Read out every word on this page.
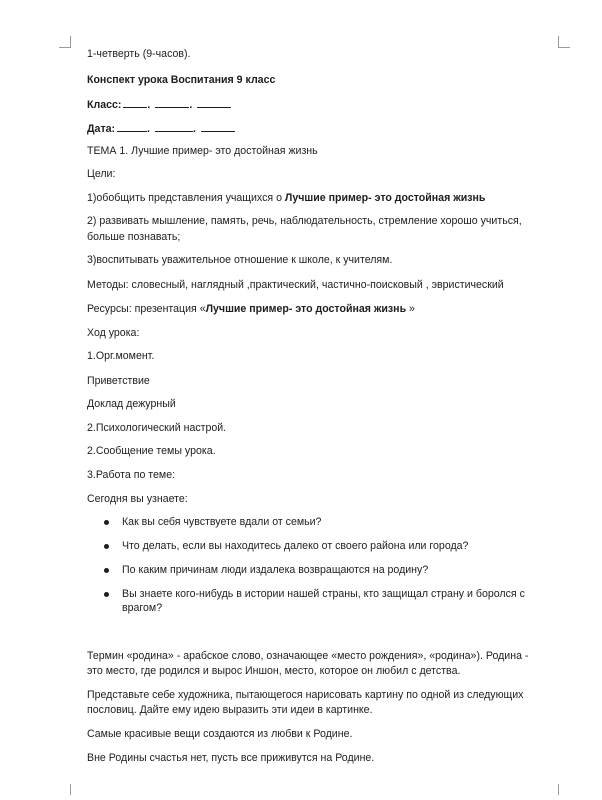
1-четверть (9-часов).
Конспект урока Воспитания 9 класс
Класс: .	.
Дата:	.	.
ТЕМА 1. Лучшие пример- это достойная жизнь
Цели:
1)обобщить представления учащихся о Лучшие пример- это достойная жизнь
2) развивать мышление, память, речь, наблюдательность, стремление хорошо учиться,
больше познавать;
3)воспитывать уважительное отношение к школе, к учителям.
Методы: словесный, наглядный ,практический, частично-поисковый , эвристический
Ресурсы: презентация «Лучшие пример- это достойная жизнь »
Ход урока:
1.Орг.момент.
Приветствие
Доклад дежурный
2.Психологический настрой.
2.Сообщение темы урока.
3.Работа по теме:
Сегодня вы узнаете:
Как вы себя чувствуете вдали от семьи?
Что делать, если вы находитесь далеко от своего района или города?
По каким причинам люди издалека возвращаются на родину?
Вы знаете кого-нибудь в истории нашей страны, кто защищал страну и боролся с
врагом?
Термин «родина» - арабское слово, означающее «место рождения», «родина»). Родина -
это место, где родился и вырос Иншон, место, которое он любил с детства.
Представьте себе художника, пытающегося нарисовать картину по одной из следующих
пословиц. Дайте ему идею выразить эти идеи в картинке.
Самые красивые вещи создаются из любви к Родине.
Вне Родины счастья нет, пусть все приживутся на Родине.
